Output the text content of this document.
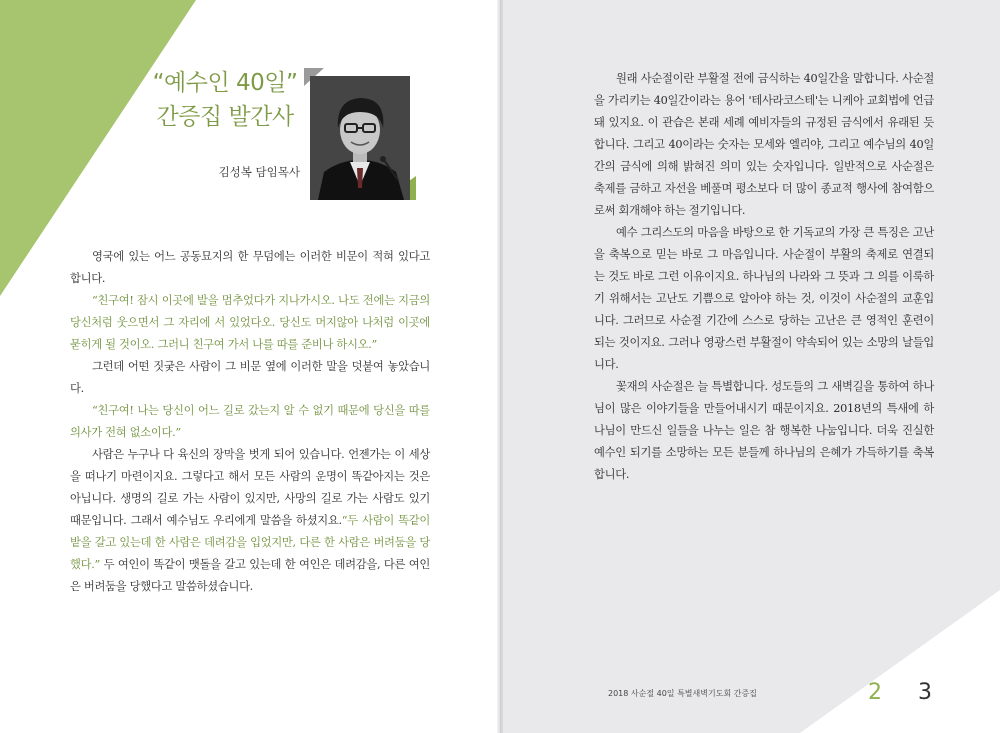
“예수인 40일”
간증집 발간사
김성복 담임목사

영국에 있는 어느 공동묘지의 한 무덤에는 이러한 비문이 적혀 있다고 합니다.

“친구여! 잠시 이곳에 발을 멈추었다가 지나가시오. 나도 전에는 지금의 당신처럼 웃으면서 그 자리에 서 있었다오. 당신도 머지않아 나처럼 이곳에 묻히게 될 것이오. 그러니 친구여 가서 나를 따를 준비나 하시오.”

그런데 어떤 짓궂은 사람이 그 비문 옆에 이러한 말을 덧붙여 놓았습니다.

“친구여! 나는 당신이 어느 길로 갔는지 알 수 없기 때문에 당신을 따를 의사가 전혀 없소이다.”

사람은 누구나 다 육신의 장막을 벗게 되어 있습니다. 언젠가는 이 세상을 떠나기 마련이지요. 그렇다고 해서 모든 사람의 운명이 똑같아지는 것은 아닙니다. 생명의 길로 가는 사람이 있지만, 사망의 길로 가는 사람도 있기 때문입니다. 그래서 예수님도 우리에게 말씀을 하셨지요.“두 사람이 똑같이 밭을 갈고 있는데 한 사람은 데려감을 입었지만, 다른 한 사람은 버려둠을 당했다.” 두 여인이 똑같이 맷돌을 갈고 있는데 한 여인은 데려감을, 다른 여인은 버려둠을 당했다고 말씀하셨습니다.

원래 사순절이란 부활절 전에 금식하는 40일간을 말합니다. 사순절을 가리키는 40일간이라는 용어 '테사라코스테'는 니케아 교회법에 언급돼 있지요. 이 관습은 본래 세례 예비자들의 규정된 금식에서 유래된 듯합니다. 그리고 40이라는 숫자는 모세와 엘리야, 그리고 예수님의 40일간의 금식에 의해 밝혀진 의미 있는 숫자입니다. 일반적으로 사순절은 축제를 금하고 자선을 베풀며 평소보다 더 많이 종교적 행사에 참여함으로써 회개해야 하는 절기입니다.

예수 그리스도의 마음을 바탕으로 한 기독교의 가장 큰 특징은 고난을 축복으로 믿는 바로 그 마음입니다. 사순절이 부활의 축제로 연결되는 것도 바로 그런 이유이지요. 하나님의 나라와 그 뜻과 그 의를 이룩하기 위해서는 고난도 기쁨으로 알아야 하는 것, 이것이 사순절의 교훈입니다. 그러므로 사순절 기간에 스스로 당하는 고난은 큰 영적인 훈련이 되는 것이지요. 그러나 영광스런 부활절이 약속되어 있는 소망의 날들입니다.

꽃재의 사순절은 늘 특별합니다. 성도들의 그 새벽길을 통하여 하나님이 많은 이야기들을 만들어내시기 때문이지요. 2018년의 특새에 하나님이 만드신 일들을 나누는 일은 참 행복한 나눔입니다. 더욱 진실한 예수인 되기를 소망하는 모든 분들께 하나님의 은혜가 가득하기를 축복합니다.

2018 사순절 40일 특별새벽기도회 간증집	2 3
